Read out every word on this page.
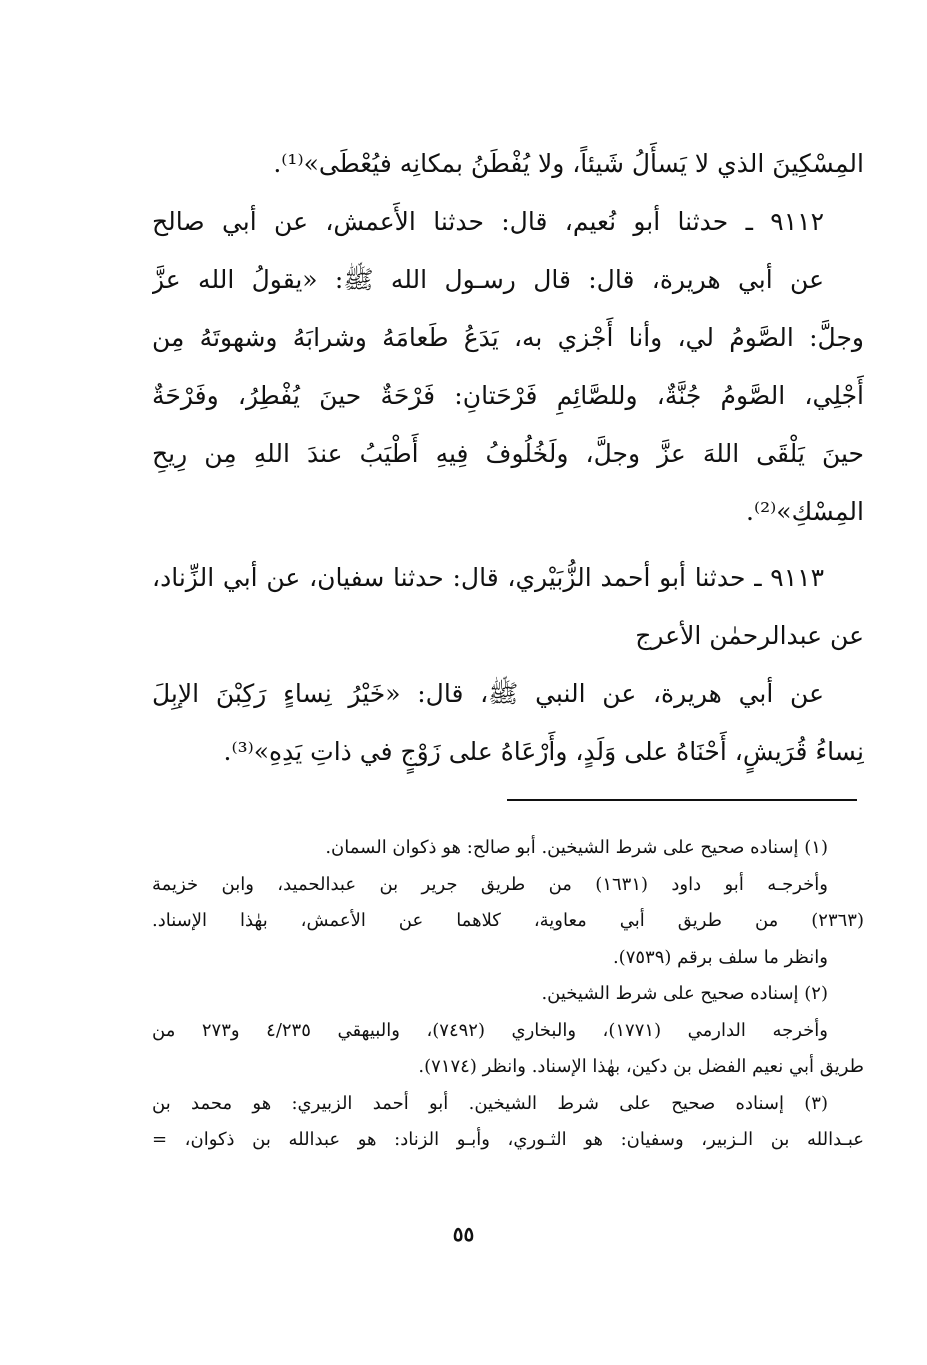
المِسْكِينَ الذي لا يَسأَلُ شَيئاً، ولا يُفْطَنُ بمكانِه فيُعْطَى»⁽¹⁾.
٩١١٢ ـ حدثنا أبو نُعيم، قال: حدثنا الأَعمش، عن أبي صالح
عن أبي هريرة، قال: قال رسـول الله ﷺ: «يقولُ الله عزَّ
وجلَّ: الصَّومُ لي، وأنا أَجْزي به، يَدَعُ طَعامَهُ وشرابَهُ وشهوتَهُ مِن
أَجْلِي، الصَّومُ جُنَّةٌ، وللصَّائِمِ فَرْحَتانِ: فَرْحَةٌ حينَ يُفْطِرُ، وفَرْحَةٌ
حينَ يَلْقَى اللهَ عزَّ وجلَّ، ولَخُلُوفُ فِيهِ أَطْيَبُ عندَ اللهِ مِن رِيحِ
المِسْكِ»⁽²⁾.
٩١١٣ ـ حدثنا أبو أحمد الزُّبَيْري، قال: حدثنا سفيان، عن أبي الزِّناد،
عن عبدالرحمٰن الأعرج
عن أبي هريرة، عن النبي ﷺ، قال: «خَيْرُ نِساءٍ رَكِبْنَ الإبِلَ
نِساءُ قُرَيشٍ، أَحْنَاهُ على وَلَدٍ، وأَرْعَاهُ على زَوْجٍ في ذاتِ يَدِهِ»⁽³⁾.
(١) إسناده صحيح على شرط الشيخين. أبو صالح: هو ذكوان السمان.
وأخرجـه أبو داود (١٦٣١) من طريق جرير بن عبدالحميد، وابن خزيمة
(٢٣٦٣) من طريق أبي معاوية، كلاهما عن الأعمش، بهٰذا الإسناد.
وانظر ما سلف برقم (٧٥٣٩).
(٢) إسناده صحيح على شرط الشيخين.
وأخرجه الدارمي (١٧٧١)، والبخاري (٧٤٩٢)، والبيهقي ٤/٢٣٥ و٢٧٣ من
طريق أبي نعيم الفضل بن دكين، بهٰذا الإسناد. وانظر (٧١٧٤).
(٣) إسناده صحيح على شرط الشيخين. أبو أحمد الزبيري: هو محمد بن
عبـدالله بن الـزبير، وسفيان: هو الثـوري، وأبـو الزناد: هو عبدالله بن ذكوان، =
٥٥
